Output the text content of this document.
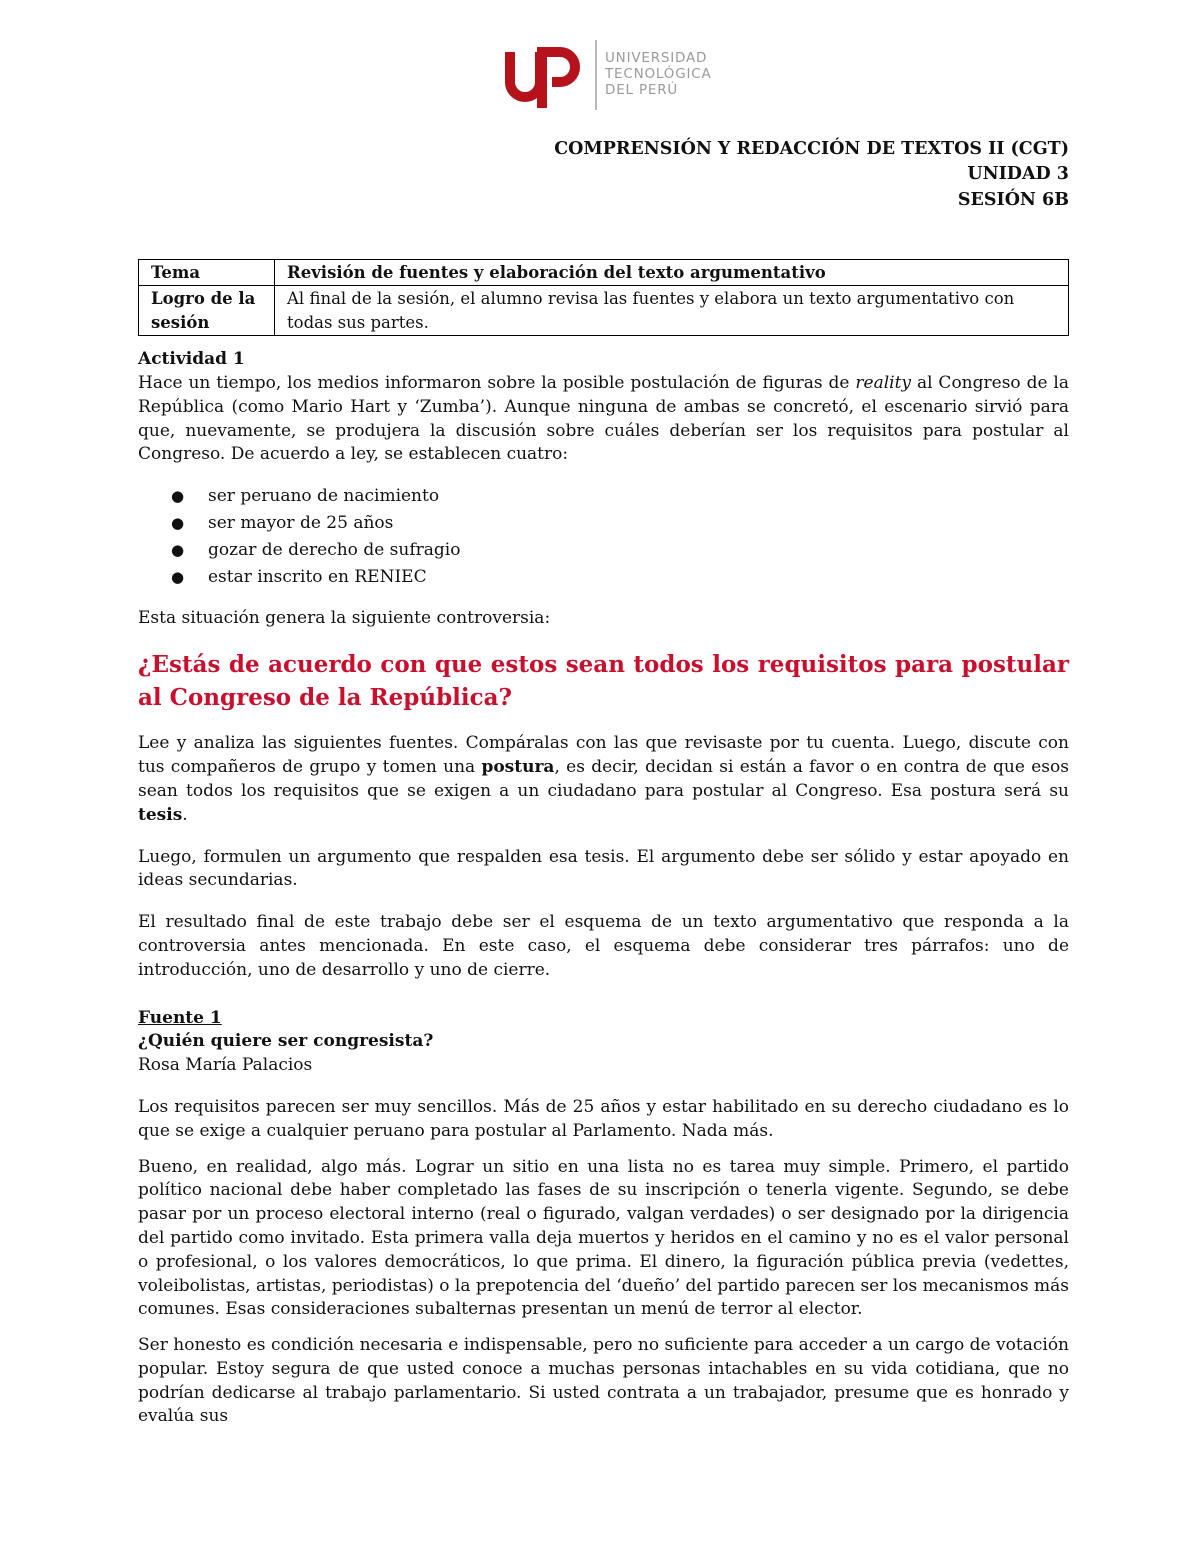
UNIVERSIDAD
TECNOLÓGICA
DEL PERÚ
COMPRENSIÓN Y REDACCIÓN DE TEXTOS II (CGT)
UNIDAD 3
SESIÓN 6B
Tema	Revisión de fuentes y elaboración del texto argumentativo
Logro de la sesión	Al final de la sesión, el alumno revisa las fuentes y elabora un texto argumentativo con todas sus partes.
Actividad 1

Hace un tiempo, los medios informaron sobre la posible postulación de figuras de reality al Congreso de la República (como Mario Hart y ‘Zumba’). Aunque ninguna de ambas se concretó, el escenario sirvió para que, nuevamente, se produjera la discusión sobre cuáles deberían ser los requisitos para postular al Congreso. De acuerdo a ley, se establecen cuatro:

● ser peruano de nacimiento
● ser mayor de 25 años
● gozar de derecho de sufragio
● estar inscrito en RENIEC

Esta situación genera la siguiente controversia:

¿Estás de acuerdo con que estos sean todos los requisitos para postular al Congreso de la República?

Lee y analiza las siguientes fuentes. Compáralas con las que revisaste por tu cuenta. Luego, discute con tus compañeros de grupo y tomen una postura, es decir, decidan si están a favor o en contra de que esos sean todos los requisitos que se exigen a un ciudadano para postular al Congreso. Esa postura será su tesis.

Luego, formulen un argumento que respalden esa tesis. El argumento debe ser sólido y estar apoyado en ideas secundarias.

El resultado final de este trabajo debe ser el esquema de un texto argumentativo que responda a la controversia antes mencionada. En este caso, el esquema debe considerar tres párrafos: uno de introducción, uno de desarrollo y uno de cierre.

Fuente 1
¿Quién quiere ser congresista?
Rosa María Palacios

Los requisitos parecen ser muy sencillos. Más de 25 años y estar habilitado en su derecho ciudadano es lo que se exige a cualquier peruano para postular al Parlamento. Nada más.

Bueno, en realidad, algo más. Lograr un sitio en una lista no es tarea muy simple. Primero, el partido político nacional debe haber completado las fases de su inscripción o tenerla vigente. Segundo, se debe pasar por un proceso electoral interno (real o figurado, valgan verdades) o ser designado por la dirigencia del partido como invitado. Esta primera valla deja muertos y heridos en el camino y no es el valor personal o profesional, o los valores democráticos, lo que prima. El dinero, la figuración pública previa (vedettes, voleibolistas, artistas, periodistas) o la prepotencia del ‘dueño’ del partido parecen ser los mecanismos más comunes. Esas consideraciones subalternas presentan un menú de terror al elector.

Ser honesto es condición necesaria e indispensable, pero no suficiente para acceder a un cargo de votación popular. Estoy segura de que usted conoce a muchas personas intachables en su vida cotidiana, que no podrían dedicarse al trabajo parlamentario. Si usted contrata a un trabajador, presume que es honrado y evalúa sus
